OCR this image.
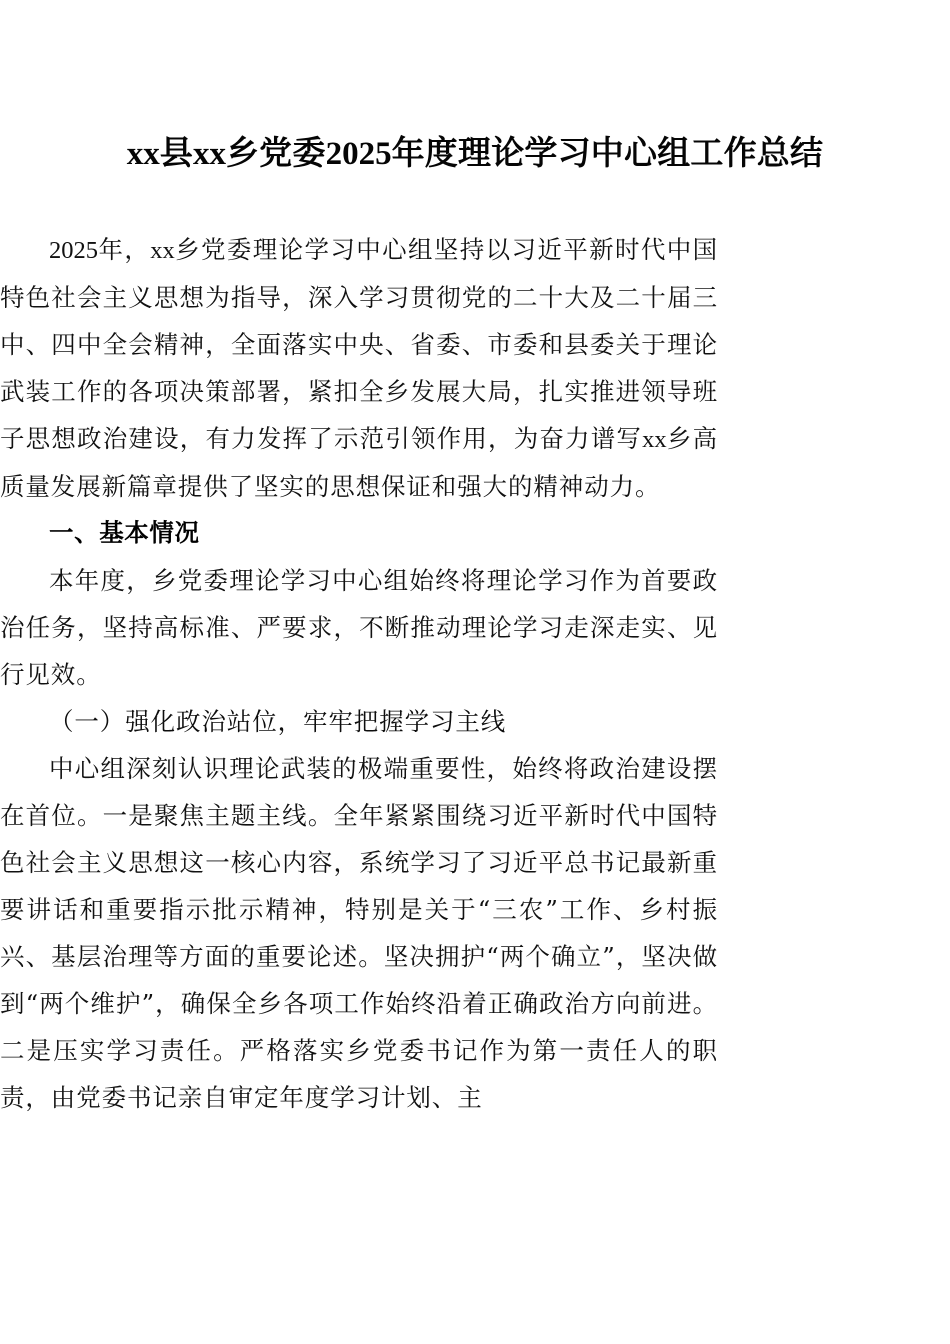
xx县xx乡党委2025年度理论学习中心组工作总结

2025年，xx乡党委理论学习中心组坚持以习近平新时代中国特色社会主义思想为指导，深入学习贯彻党的二十大及二十届三中、四中全会精神，全面落实中央、省委、市委和县委关于理论武装工作的各项决策部署，紧扣全乡发展大局，扎实推进领导班子思想政治建设，有力发挥了示范引领作用，为奋力谱写xx乡高质量发展新篇章提供了坚实的思想保证和强大的精神动力。

一、基本情况

本年度，乡党委理论学习中心组始终将理论学习作为首要政治任务，坚持高标准、严要求，不断推动理论学习走深走实、见行见效。

（一）强化政治站位，牢牢把握学习主线

中心组深刻认识理论武装的极端重要性，始终将政治建设摆在首位。一是聚焦主题主线。全年紧紧围绕习近平新时代中国特色社会主义思想这一核心内容，系统学习了习近平总书记最新重要讲话和重要指示批示精神，特别是关于“三农”工作、乡村振兴、基层治理等方面的重要论述。坚决拥护“两个确立”，坚决做到“两个维护”，确保全乡各项工作始终沿着正确政治方向前进。二是压实学习责任。严格落实乡党委书记作为第一责任人的职责，由党委书记亲自审定年度学习计划、主
